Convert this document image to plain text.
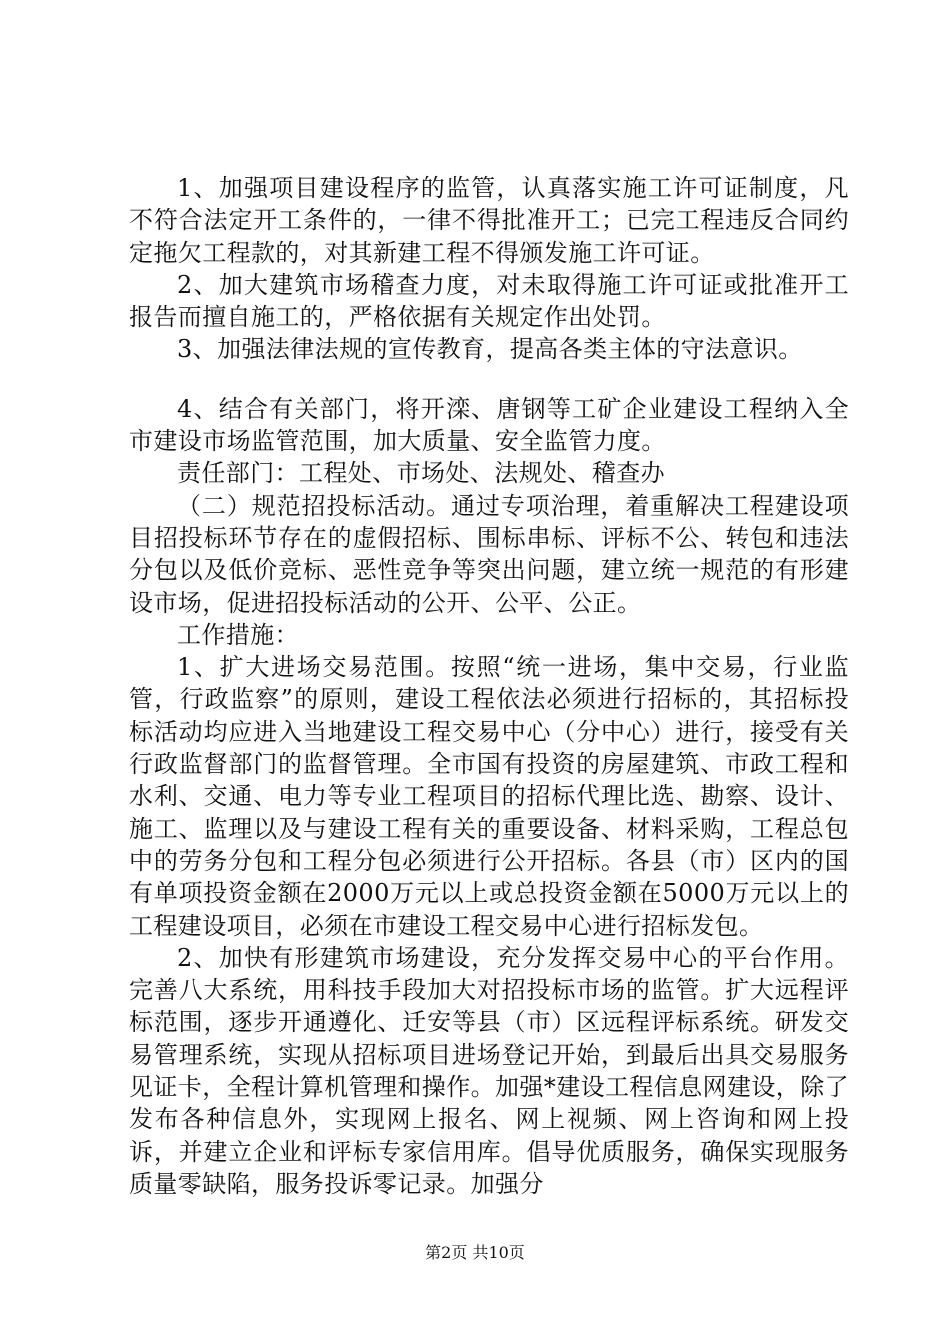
1、加强项目建设程序的监管，认真落实施工许可证制度，凡不符合法定开工条件的，一律不得批准开工；已完工程违反合同约定拖欠工程款的，对其新建工程不得颁发施工许可证。

2、加大建筑市场稽查力度，对未取得施工许可证或批准开工报告而擅自施工的，严格依据有关规定作出处罚。

3、加强法律法规的宣传教育，提高各类主体的守法意识。

4、结合有关部门，将开滦、唐钢等工矿企业建设工程纳入全市建设市场监管范围，加大质量、安全监管力度。

责任部门：工程处、市场处、法规处、稽查办

（二）规范招投标活动。通过专项治理，着重解决工程建设项目招投标环节存在的虚假招标、围标串标、评标不公、转包和违法分包以及低价竞标、恶性竞争等突出问题，建立统一规范的有形建设市场，促进招投标活动的公开、公平、公正。

工作措施：

1、扩大进场交易范围。按照“统一进场，集中交易，行业监管，行政监察”的原则，建设工程依法必须进行招标的，其招标投标活动均应进入当地建设工程交易中心（分中心）进行，接受有关行政监督部门的监督管理。全市国有投资的房屋建筑、市政工程和水利、交通、电力等专业工程项目的招标代理比选、勘察、设计、施工、监理以及与建设工程有关的重要设备、材料采购，工程总包中的劳务分包和工程分包必须进行公开招标。各县（市）区内的国有单项投资金额在2000万元以上或总投资金额在5000万元以上的工程建设项目，必须在市建设工程交易中心进行招标发包。

2、加快有形建筑市场建设，充分发挥交易中心的平台作用。完善八大系统，用科技手段加大对招投标市场的监管。扩大远程评标范围，逐步开通遵化、迁安等县（市）区远程评标系统。研发交易管理系统，实现从招标项目进场登记开始，到最后出具交易服务见证卡，全程计算机管理和操作。加强*建设工程信息网建设，除了发布各种信息外，实现网上报名、网上视频、网上咨询和网上投诉，并建立企业和评标专家信用库。倡导优质服务，确保实现服务质量零缺陷，服务投诉零记录。加强分

第2页 共10页
